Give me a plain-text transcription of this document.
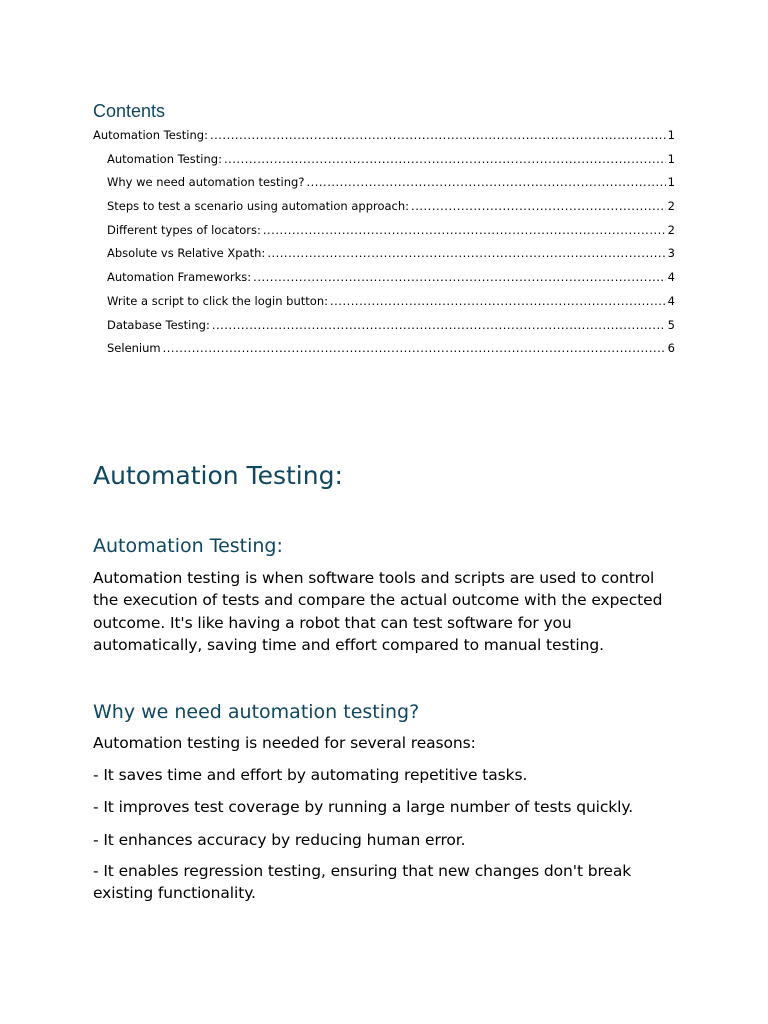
Contents
Automation Testing: .....	1
Automation Testing: .....	1
Why we need automation testing? .....	1
Steps to test a scenario using automation approach: .....	2
Different types of locators: .....	2
Absolute vs Relative Xpath: .....	3
Automation Frameworks: .....	4
Write a script to click the login button: .....	4
Database Testing: .....	5
Selenium .....	6
Automation Testing:
Automation Testing:
Automation testing is when software tools and scripts are used to control the execution of tests and compare the actual outcome with the expected outcome. It's like having a robot that can test software for you automatically, saving time and effort compared to manual testing.
Why we need automation testing?
Automation testing is needed for several reasons:
- It saves time and effort by automating repetitive tasks.
- It improves test coverage by running a large number of tests quickly.
- It enhances accuracy by reducing human error.
- It enables regression testing, ensuring that new changes don't break existing functionality.
